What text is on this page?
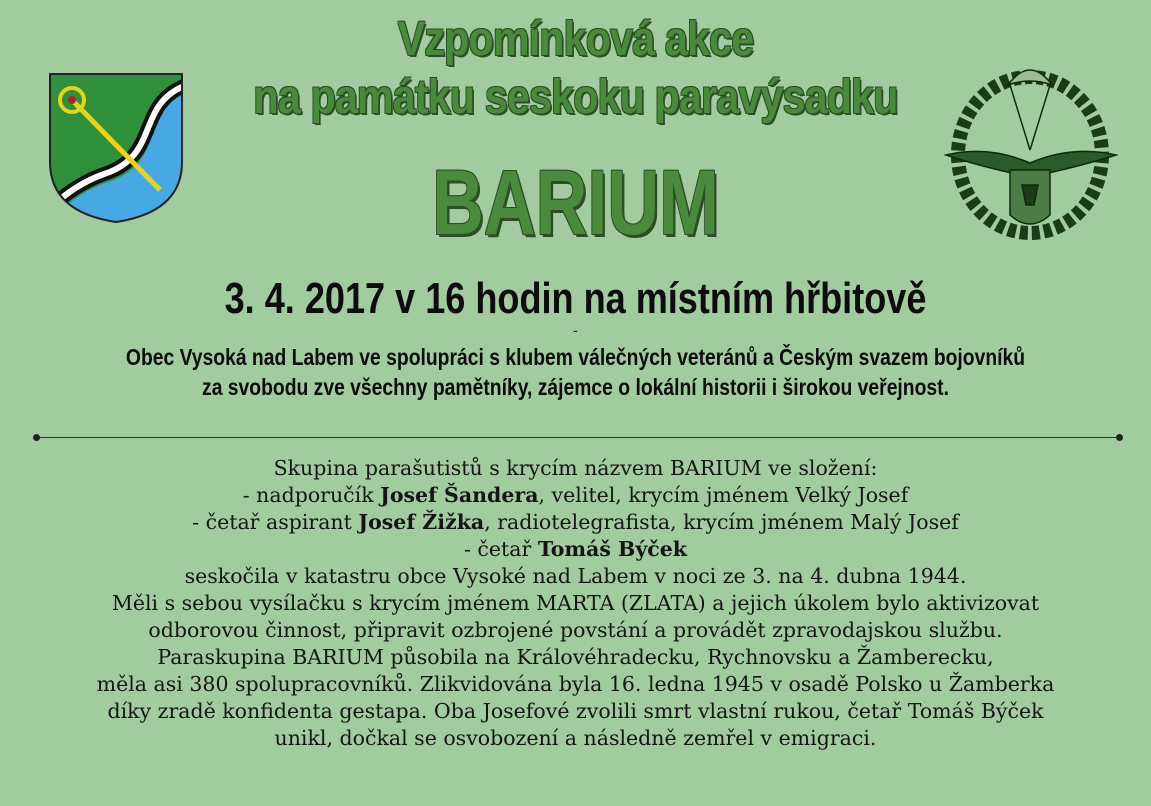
Vzpomínková akce
na památku seskoku paravýsadku
BARIUM
3. 4. 2017 v 16 hodin na místním hřbitově
-
Obec Vysoká nad Labem ve spolupráci s klubem válečných veteránů a Českým svazem bojovníků
za svobodu zve všechny pamětníky, zájemce o lokální historii i širokou veřejnost.
Skupina parašutistů s krycím názvem BARIUM ve složení:
- nadporučík Josef Šandera, velitel, krycím jménem Velký Josef
- četař aspirant Josef Žižka, radiotelegrafista, krycím jménem Malý Josef
- četař Tomáš Býček
seskočila v katastru obce Vysoké nad Labem v noci ze 3. na 4. dubna 1944.
Měli s sebou vysílačku s krycím jménem MARTA (ZLATA) a jejich úkolem bylo aktivizovat
odborovou činnost, připravit ozbrojené povstání a provádět zpravodajskou službu.
Paraskupina BARIUM působila na Královéhradecku, Rychnovsku a Žamberecku,
měla asi 380 spolupracovníků. Zlikvidována byla 16. ledna 1945 v osadě Polsko u Žamberka
díky zradě konfidenta gestapa. Oba Josefové zvolili smrt vlastní rukou, četař Tomáš Býček
unikl, dočkal se osvobození a následně zemřel v emigraci.
